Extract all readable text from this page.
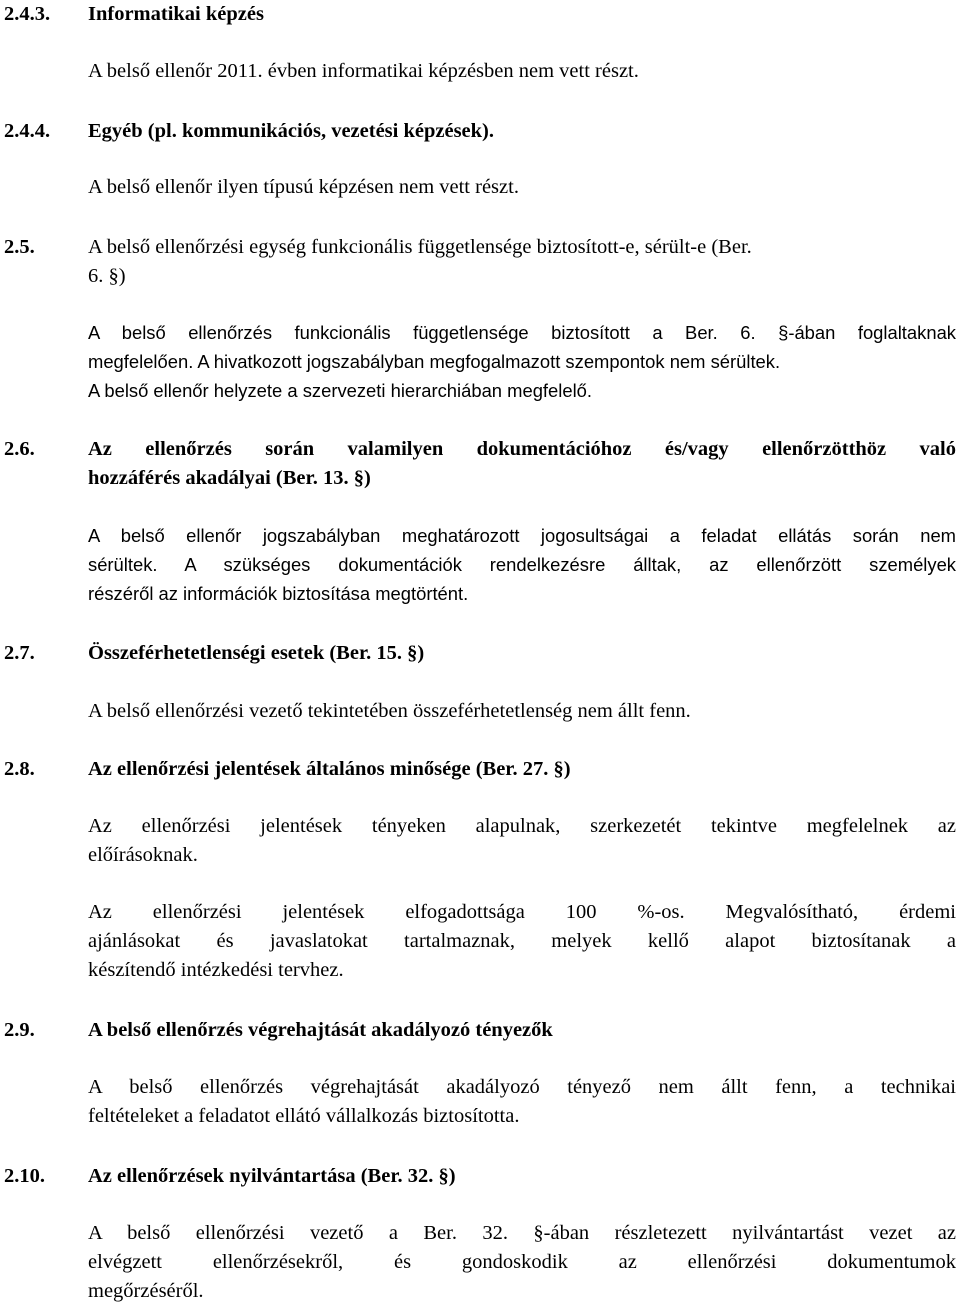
2.4.3. Informatikai képzés
A belső ellenőr 2011. évben informatikai képzésben nem vett részt.
2.4.4. Egyéb (pl. kommunikációs, vezetési képzések).
A belső ellenőr ilyen típusú képzésen nem vett részt.
2.5.	A belső ellenőrzési egység funkcionális függetlensége biztosított-e, sérült-e (Ber.
6. §)
A belső ellenőrzés funkcionális függetlensége biztosított a Ber. 6. §-ában foglaltaknak
megfelelően. A hivatkozott jogszabályban megfogalmazott szempontok nem sérültek.
A belső ellenőr helyzete a szervezeti hierarchiában megfelelő.
2.6.	Az ellenőrzés során valamilyen dokumentációhoz és/vagy ellenőrzötthöz való
hozzáférés akadályai (Ber. 13. §)
A belső ellenőr jogszabályban meghatározott jogosultságai a feladat ellátás során nem
sérültek. A szükséges dokumentációk rendelkezésre álltak, az ellenőrzött személyek
részéről az információk biztosítása megtörtént.
2.7.	Összeférhetetlenségi esetek (Ber. 15. §)
A belső ellenőrzési vezető tekintetében összeférhetetlenség nem állt fenn.
2.8.	Az ellenőrzési jelentések általános minősége (Ber. 27. §)
Az ellenőrzési jelentések tényeken alapulnak, szerkezetét tekintve megfelelnek az
előírásoknak.
Az ellenőrzési jelentések elfogadottsága 100 %-os. Megvalósítható, érdemi
ajánlásokat és javaslatokat tartalmaznak, melyek kellő alapot biztosítanak a
készítendő intézkedési tervhez.
2.9.	A belső ellenőrzés végrehajtását akadályozó tényezők
A belső ellenőrzés végrehajtását akadályozó tényező nem állt fenn, a technikai
feltételeket a feladatot ellátó vállalkozás biztosította.
2.10. Az ellenőrzések nyilvántartása (Ber. 32. §)
A belső ellenőrzési vezető a Ber. 32. §-ában részletezett nyilvántartást vezet az
elvégzett ellenőrzésekről, és gondoskodik az ellenőrzési dokumentumok
megőrzéséről.
